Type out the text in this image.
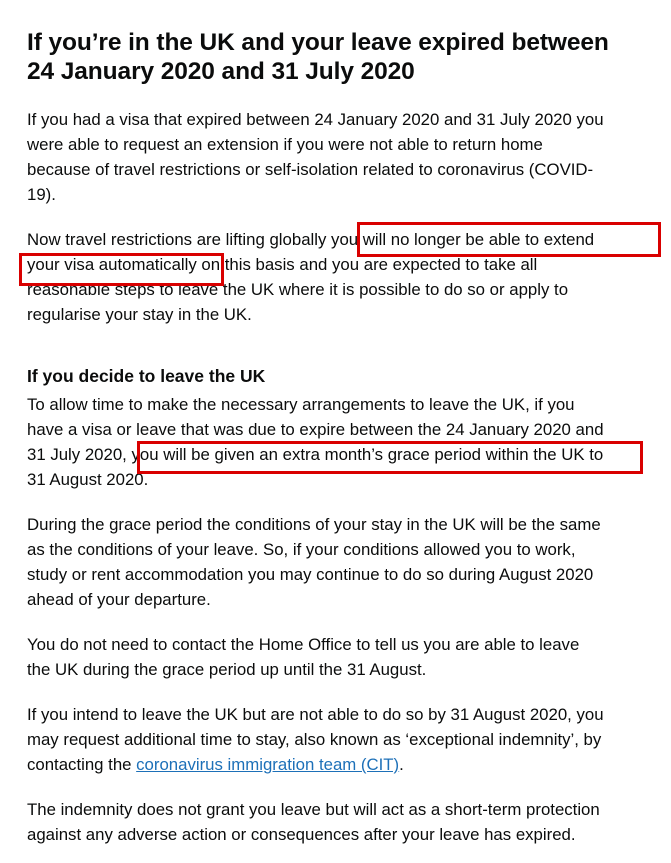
If you’re in the UK and your leave expired between
24 January 2020 and 31 July 2020

If you had a visa that expired between 24 January 2020 and 31 July 2020 you
were able to request an extension if you were not able to return home
because of travel restrictions or self-isolation related to coronavirus (COVID-
19).

Now travel restrictions are lifting globally you will no longer be able to extend
your visa automatically on this basis and you are expected to take all
reasonable steps to leave the UK where it is possible to do so or apply to
regularise your stay in the UK.

If you decide to leave the UK

To allow time to make the necessary arrangements to leave the UK, if you
have a visa or leave that was due to expire between the 24 January 2020 and
31 July 2020, you will be given an extra month’s grace period within the UK to
31 August 2020.

During the grace period the conditions of your stay in the UK will be the same
as the conditions of your leave. So, if your conditions allowed you to work,
study or rent accommodation you may continue to do so during August 2020
ahead of your departure.

You do not need to contact the Home Office to tell us you are able to leave
the UK during the grace period up until the 31 August.

If you intend to leave the UK but are not able to do so by 31 August 2020, you
may request additional time to stay, also known as ‘exceptional indemnity’, by
contacting the coronavirus immigration team (CIT).

The indemnity does not grant you leave but will act as a short-term protection
against any adverse action or consequences after your leave has expired.
